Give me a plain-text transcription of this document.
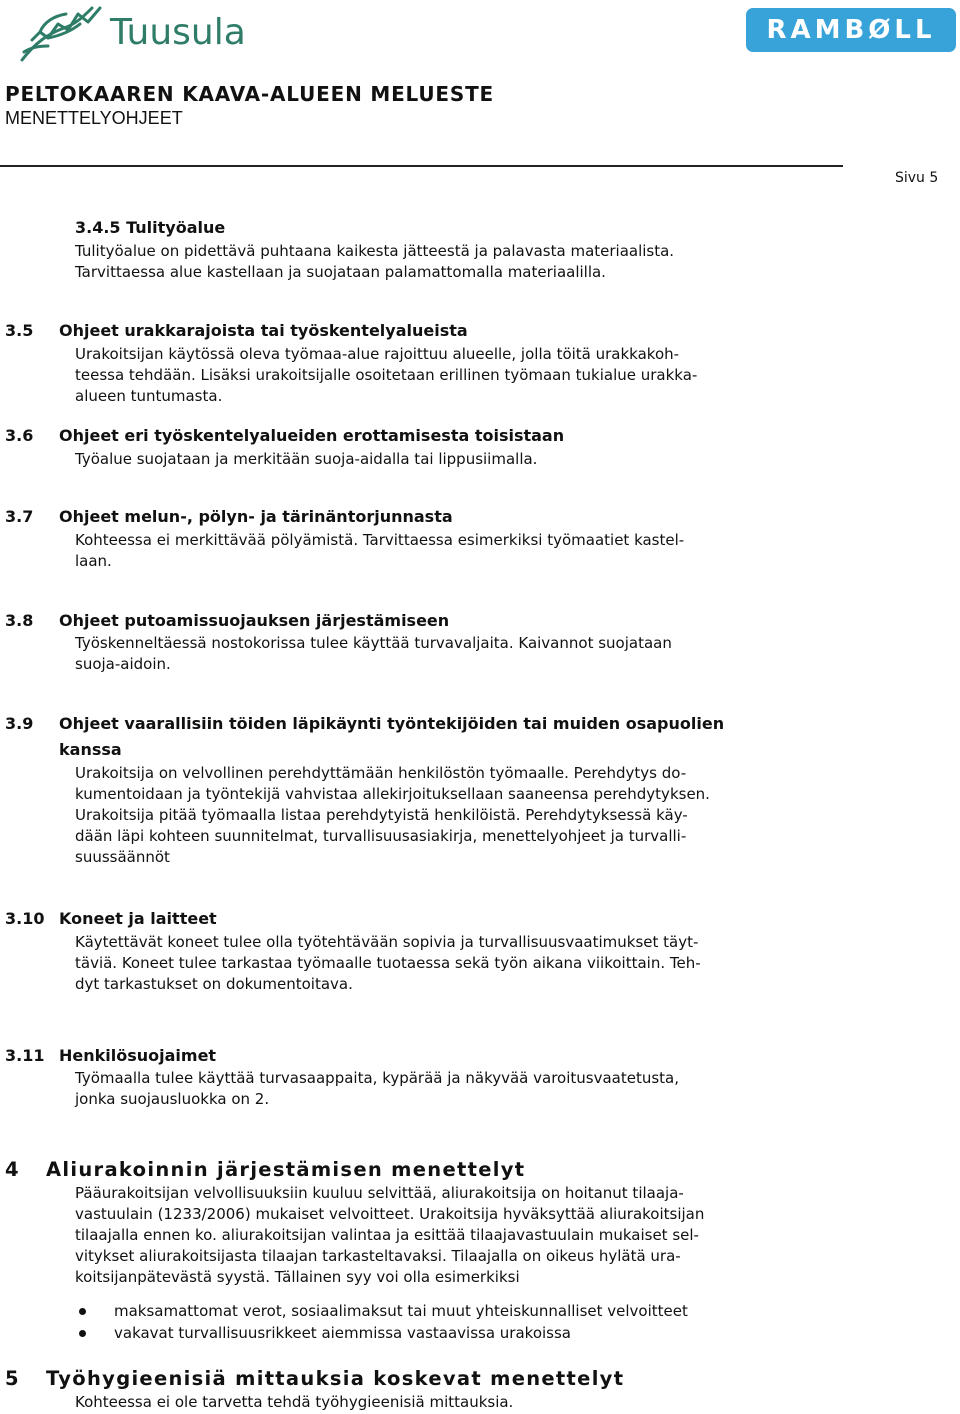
Tuusula	RAMBØLL
PELTOKAAREN KAAVA-ALUEEN MELUESTE
MENETTELYOHJEET
Sivu 5
3.4.5 Tulityöalue
Tulityöalue on pidettävä puhtaana kaikesta jätteestä ja palavasta materiaalista.
Tarvittaessa alue kastellaan ja suojataan palamattomalla materiaalilla.
3.5 Ohjeet urakkarajoista tai työskentelyalueista
Urakoitsijan käytössä oleva työmaa-alue rajoittuu alueelle, jolla töitä urakkakoh-
teessa tehdään. Lisäksi urakoitsijalle osoitetaan erillinen työmaan tukialue urakka-
alueen tuntumasta.
3.6 Ohjeet eri työskentelyalueiden erottamisesta toisistaan
Työalue suojataan ja merkitään suoja-aidalla tai lippusiimalla.
3.7 Ohjeet melun-, pölyn- ja tärinäntorjunnasta
Kohteessa ei merkittävää pölyämistä. Tarvittaessa esimerkiksi työmaatiet kastel-
laan.
3.8 Ohjeet putoamissuojauksen järjestämiseen
Työskenneltäessä nostokorissa tulee käyttää turvavaljaita. Kaivannot suojataan
suoja-aidoin.
3.9 Ohjeet vaarallisiin töiden läpikäynti työntekijöiden tai muiden osapuolien
kanssa
Urakoitsija on velvollinen perehdyttämään henkilöstön työmaalle. Perehdytys do-
kumentoidaan ja työntekijä vahvistaa allekirjoituksellaan saaneensa perehdytyksen.
Urakoitsija pitää työmaalla listaa perehdytyistä henkilöistä. Perehdytyksessä käy-
dään läpi kohteen suunnitelmat, turvallisuusasiakirja, menettelyohjeet ja turvalli-
suussäännöt
3.10 Koneet ja laitteet
Käytettävät koneet tulee olla työtehtävään sopivia ja turvallisuusvaatimukset täyt-
täviä. Koneet tulee tarkastaa työmaalle tuotaessa sekä työn aikana viikoittain. Teh-
dyt tarkastukset on dokumentoitava.
3.11 Henkilösuojaimet
Työmaalla tulee käyttää turvasaappaita, kypärää ja näkyvää varoitusvaatetusta,
jonka suojausluokka on 2.
4 Aliurakoinnin järjestämisen menettelyt
Pääurakoitsijan velvollisuuksiin kuuluu selvittää, aliurakoitsija on hoitanut tilaaja-
vastuulain (1233/2006) mukaiset velvoitteet. Urakoitsija hyväksyttää aliurakoitsijan
tilaajalla ennen ko. aliurakoitsijan valintaa ja esittää tilaajavastuulain mukaiset sel-
vitykset aliurakoitsijasta tilaajan tarkasteltavaksi. Tilaajalla on oikeus hylätä ura-
koitsijanpätevästä syystä. Tällainen syy voi olla esimerkiksi
maksamattomat verot, sosiaalimaksut tai muut yhteiskunnalliset velvoitteet
vakavat turvallisuusrikkeet aiemmissa vastaavissa urakoissa
5 Työhygieenisiä mittauksia koskevat menettelyt
Kohteessa ei ole tarvetta tehdä työhygieenisiä mittauksia.
